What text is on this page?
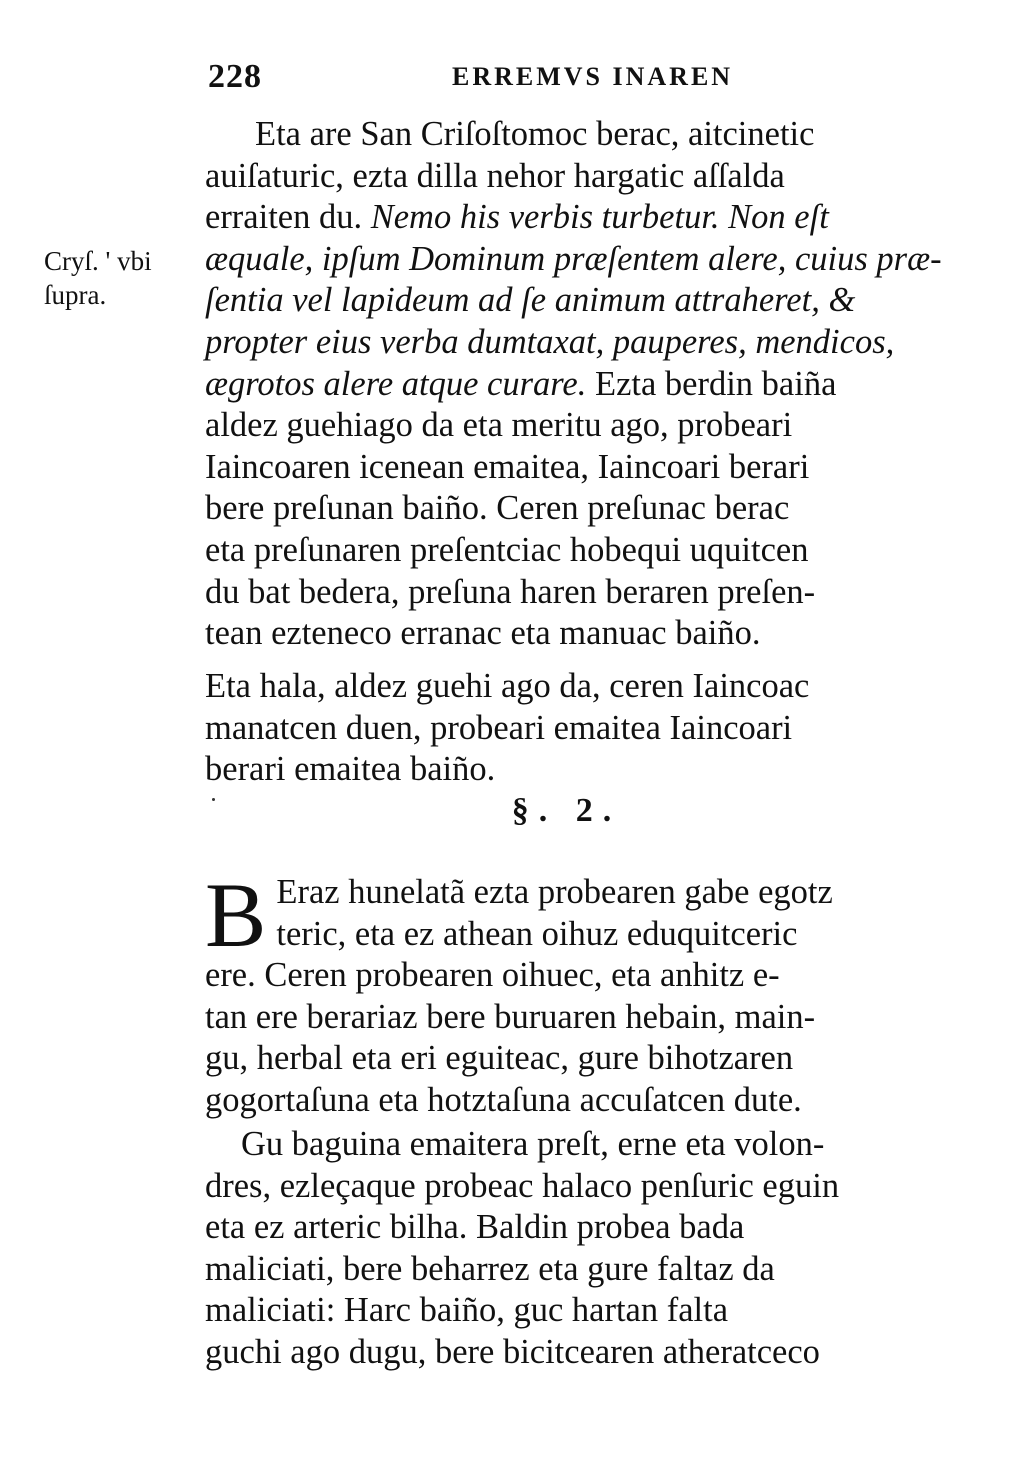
228	ERREMVS INAREN
Cryſ. ' vbi
ſupra.
Eta are San Criſoſtomoc berac, aitcinetic
auiſaturic, ezta dilla nehor hargatic aſſalda
erraiten du. Nemo his verbis turbetur. Non eſt
æquale, ipſum Dominum præſentem alere, cuius præ-
ſentia vel lapideum ad ſe animum attraheret, &
propter eius verba dumtaxat, pauperes, mendicos,
ægrotos alere atque curare. Ezta berdin baiña
aldez guehiago da eta meritu ago, probeari
Iaincoaren icenean emaitea, Iaincoari berari
bere preſunan baiño. Ceren preſunac berac
eta preſunaren preſentciac hobequi uquitcen
du bat bedera, preſuna haren beraren preſen-
tean ezteneco erranac eta manuac baiño.
Eta hala, aldez guehi ago da, ceren Iaincoac
manatcen duen, probeari emaitea Iaincoari
berari emaitea baiño.
§. 2.
B Eraz hunelatã ezta probearen gabe egotz
teric, eta ez athean oihuz eduquitceric
ere. Ceren probearen oihuec, eta anhitz e-
tan ere berariaz bere buruaren hebain, main-
gu, herbal eta eri eguiteac, gure bihotzaren
gogortaſuna eta hotztaſuna accuſatcen dute.
Gu baguina emaitera preſt, erne eta volon-
dres, ezleçaque probeac halaco penſuric eguin
eta ez arteric bilha. Baldin probea bada
maliciati, bere beharrez eta gure faltaz da
maliciati: Harc baiño, guc hartan falta
guchi ago dugu, bere bicitcearen atheratceco
